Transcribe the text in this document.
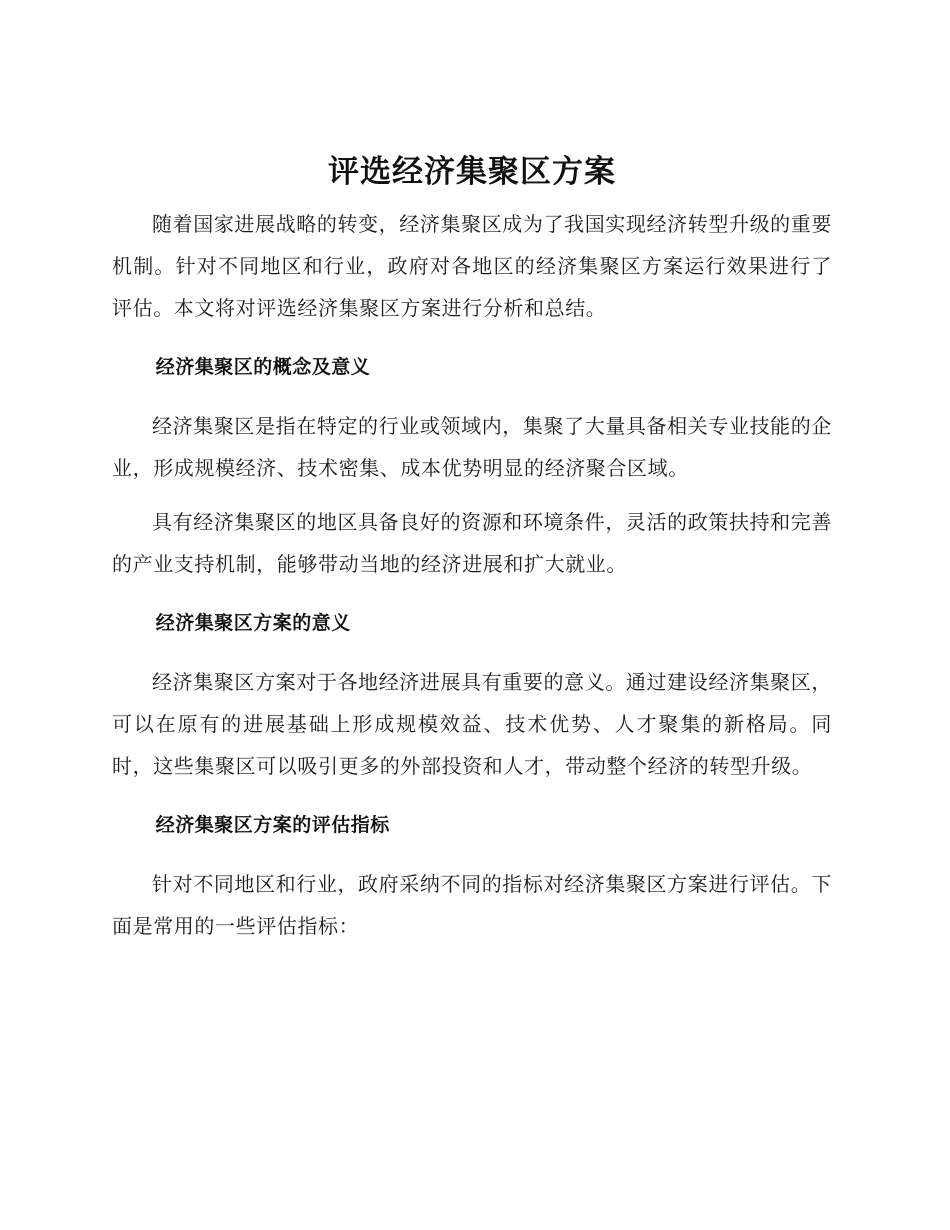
评选经济集聚区方案

随着国家进展战略的转变，经济集聚区成为了我国实现经济转型升级的重要机制。针对不同地区和行业，政府对各地区的经济集聚区方案运行效果进行了评估。本文将对评选经济集聚区方案进行分析和总结。

经济集聚区的概念及意义

经济集聚区是指在特定的行业或领域内，集聚了大量具备相关专业技能的企业，形成规模经济、技术密集、成本优势明显的经济聚合区域。

具有经济集聚区的地区具备良好的资源和环境条件，灵活的政策扶持和完善的产业支持机制，能够带动当地的经济进展和扩大就业。

经济集聚区方案的意义

经济集聚区方案对于各地经济进展具有重要的意义。通过建设经济集聚区，可以在原有的进展基础上形成规模效益、技术优势、人才聚集的新格局。同时，这些集聚区可以吸引更多的外部投资和人才，带动整个经济的转型升级。

经济集聚区方案的评估指标

针对不同地区和行业，政府采纳不同的指标对经济集聚区方案进行评估。下面是常用的一些评估指标：
